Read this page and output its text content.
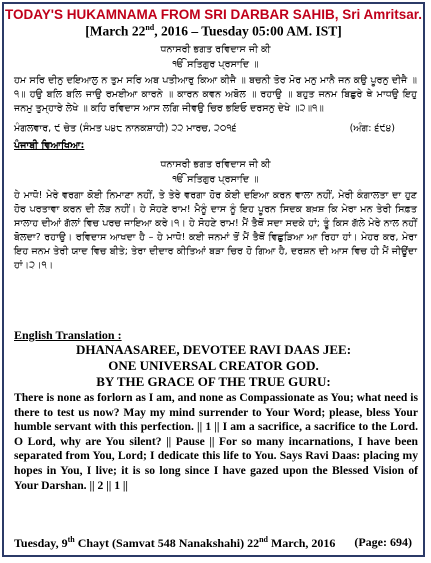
TODAY'S HUKAMNAMA FROM SRI DARBAR SAHIB, Sri Amritsar.
[March 22nd, 2016 – Tuesday 05:00 AM. IST]
ਧਨਾਸਰੀ ਭਗਤ ਰਵਿਦਾਸ ਜੀ ਕੀ
ੴ ਸਤਿਗੁਰ ਪ੍ਰਸਾਦਿ ॥
ਹਮ ਸਰਿ ਦੀਨੁ ਦਇਆਲੁ ਨ ਤੁਮ ਸਰਿ ਅਬ ਪਤੀਆਰੁ ਕਿਆ ਕੀਜੈ ॥ ਬਚਨੀ ਤੋਰ ਮੋਰ ਮਨੁ ਮਾਨੈ ਜਨ ਕਉ ਪੂਰਨੁ ਦੀਜੈ ॥੧॥ ਹਉ ਬਲਿ ਬਲਿ ਜਾਉ ਰਮਈਆ ਕਾਰਨੇ ॥ ਕਾਰਨ ਕਵਨ ਅਬੋਲ ॥ ਰਹਾਉ ॥ ਬਹੁਤ ਜਨਮ ਬਿਛੁਰੇ ਥੇ ਮਾਧਉ ਇਹੁ ਜਨਮੁ ਤੁਮ੍ਹਾਰੇ ਲੇਖੇ ॥ ਕਹਿ ਰਵਿਦਾਸ ਆਸ ਲਗਿ ਜੀਵਉ ਚਿਰ ਭਇਓ ਦਰਸਨੁ ਦੇਖੇ ॥੨॥੧॥
ਮੰਗਲਵਾਰ, ੯ ਚੇਤ (ਸੰਮਤ ੫੪੮ ਨਾਨਕਸ਼ਾਹੀ) ੨੨ ਮਾਰਚ, ੨੦੧੬	(ਅੰਗ: ੬੯੪)
ਪੰਜਾਬੀ ਵਿਆਖਿਆ:
ਧਨਾਸਰੀ ਭਗਤ ਰਵਿਦਾਸ ਜੀ ਕੀ
ੴ ਸਤਿਗੁਰ ਪ੍ਰਸਾਦਿ ॥
ਹੇ ਮਾਧੋ! ਮੇਰੇ ਵਰਗਾ ਕੋਈ ਨਿਮਾਣਾ ਨਹੀਂ, ਤੇ ਤੇਰੇ ਵਰਗਾ ਹੋਰ ਕੋਈ ਦਇਆ ਕਰਨ ਵਾਲਾ ਨਹੀਂ, ਮੇਰੀ ਕੰਗਾਲਤਾ ਦਾ ਹੁਣ ਹੋਰ ਪਰਤਾਵਾ ਕਰਨ ਦੀ ਲੋੜ ਨਹੀਂ। ਹੇ ਸੋਹਣੇ ਰਾਮ! ਮੈਨੂੰ ਦਾਸ ਨੂੰ ਇਹ ਪੂਰਨ ਸਿਦਕ ਬਖ਼ਸ਼ ਕਿ ਮੇਰਾ ਮਨ ਤੇਰੀ ਸਿਫ਼ਤ ਸਾਲਾਹ ਦੀਆਂ ਗੱਲਾਂ ਵਿਚ ਪਰਚ ਜਾਇਆ ਕਰੇ।੧। ਹੇ ਸੋਹਣੇ ਰਾਮ! ਮੈਂ ਤੈਥੋਂ ਸਦਾ ਸਦਕੇ ਹਾਂ; ਤੂੰ ਕਿਸ ਗੱਲੇ ਮੇਰੇ ਨਾਲ ਨਹੀਂ ਬੋਲਦਾ? ਰਹਾਉ। ਰਵਿਦਾਸ ਆਖਦਾ ਹੈ – ਹੇ ਮਾਧੋ! ਕਈ ਜਨਮਾਂ ਤੋਂ ਮੈਂ ਤੈਥੋਂ ਵਿਛੁੜਿਆ ਆ ਰਿਹਾ ਹਾਂ। ਮੇਹਰ ਕਰ, ਮੇਰਾ ਇਹ ਜਨਮ ਤੇਰੀ ਯਾਦ ਵਿਚ ਬੀਤੇ; ਤੇਰਾ ਦੀਦਾਰ ਕੀਤਿਆਂ ਬੜਾ ਚਿਰ ਹੋ ਗਿਆ ਹੈ, ਦਰਸ਼ਨ ਦੀ ਆਸ ਵਿਚ ਹੀ ਮੈਂ ਜੀਊਂਦਾ ਹਾਂ।੨।੧।
English Translation :
DHANAASAREE, DEVOTEE RAVI DAAS JEE:
ONE UNIVERSAL CREATOR GOD.
BY THE GRACE OF THE TRUE GURU:
There is none as forlorn as I am, and none as Compassionate as You; what need is there to test us now? May my mind surrender to Your Word; please, bless Your humble servant with this perfection. || 1 || I am a sacrifice, a sacrifice to the Lord. O Lord, why are You silent? || Pause || For so many incarnations, I have been separated from You, Lord; I dedicate this life to You. Says Ravi Daas: placing my hopes in You, I live; it is so long since I have gazed upon the Blessed Vision of Your Darshan. || 2 || 1 ||
Tuesday, 9th Chayt (Samvat 548 Nanakshahi) 22nd March, 2016 (Page: 694)
